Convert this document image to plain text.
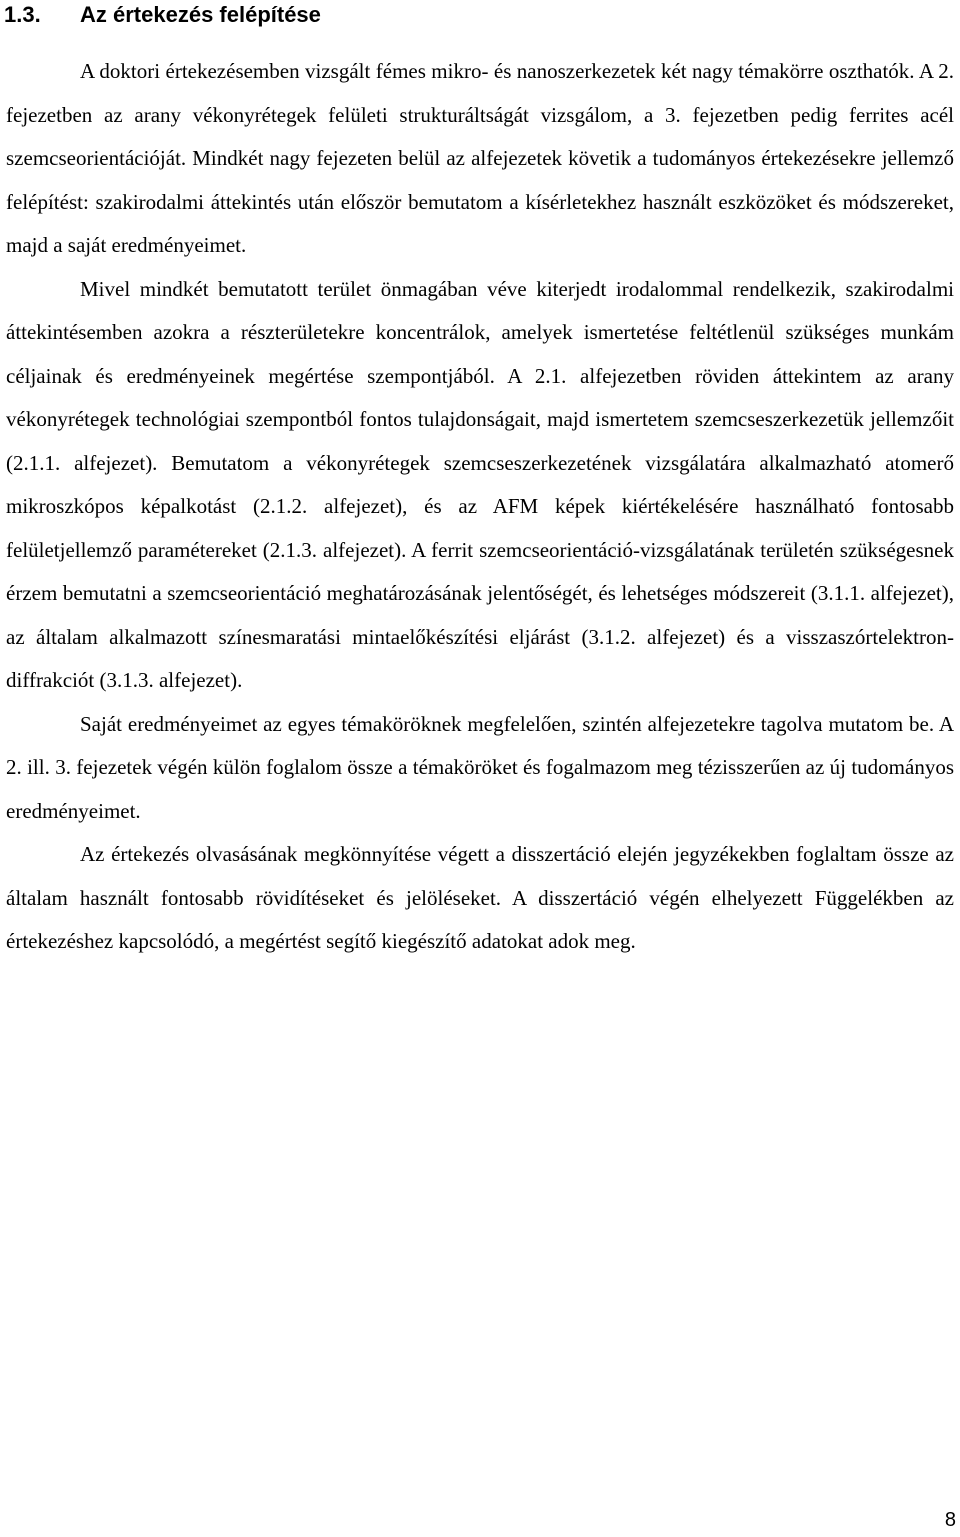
1.3. Az értekezés felépítése

A doktori értekezésemben vizsgált fémes mikro- és nanoszerkezetek két nagy témakörre oszthatók. A 2. fejezetben az arany vékonyrétegek felületi strukturáltságát vizsgálom, a 3. fejezetben pedig ferrites acél szemcseorientációját. Mindkét nagy fejezeten belül az alfejezetek követik a tudományos értekezésekre jellemző felépítést: szakirodalmi áttekintés után először bemutatom a kísérletekhez használt eszközöket és módszereket, majd a saját eredményeimet.

Mivel mindkét bemutatott terület önmagában véve kiterjedt irodalommal rendelkezik, szakirodalmi áttekintésemben azokra a részterületekre koncentrálok, amelyek ismertetése feltétlenül szükséges munkám céljainak és eredményeinek megértése szempontjából. A 2.1. alfejezetben röviden áttekintem az arany vékonyrétegek technológiai szempontból fontos tulajdonságait, majd ismertetem szemcseszerkezetük jellemzőit (2.1.1. alfejezet). Bemutatom a vékonyrétegek szemcseszerkezetének vizsgálatára alkalmazható atomerő mikroszkópos képalkotást (2.1.2. alfejezet), és az AFM képek kiértékelésére használható fontosabb felületjellemző paramétereket (2.1.3. alfejezet). A ferrit szemcseorientáció-vizsgálatának területén szükségesnek érzem bemutatni a szemcseorientáció meghatározásának jelentőségét, és lehetséges módszereit (3.1.1. alfejezet), az általam alkalmazott színesmaratási mintaelőkészítési eljárást (3.1.2. alfejezet) és a visszaszórtelektron-diffrakciót (3.1.3. alfejezet).

Saját eredményeimet az egyes témaköröknek megfelelően, szintén alfejezetekre tagolva mutatom be. A 2. ill. 3. fejezetek végén külön foglalom össze a témaköröket és fogalmazom meg tézisszerűen az új tudományos eredményeimet.

Az értekezés olvasásának megkönnyítése végett a disszertáció elején jegyzékekben foglaltam össze az általam használt fontosabb rövidítéseket és jelöléseket. A disszertáció végén elhelyezett Függelékben az értekezéshez kapcsolódó, a megértést segítő kiegészítő adatokat adok meg.

8
